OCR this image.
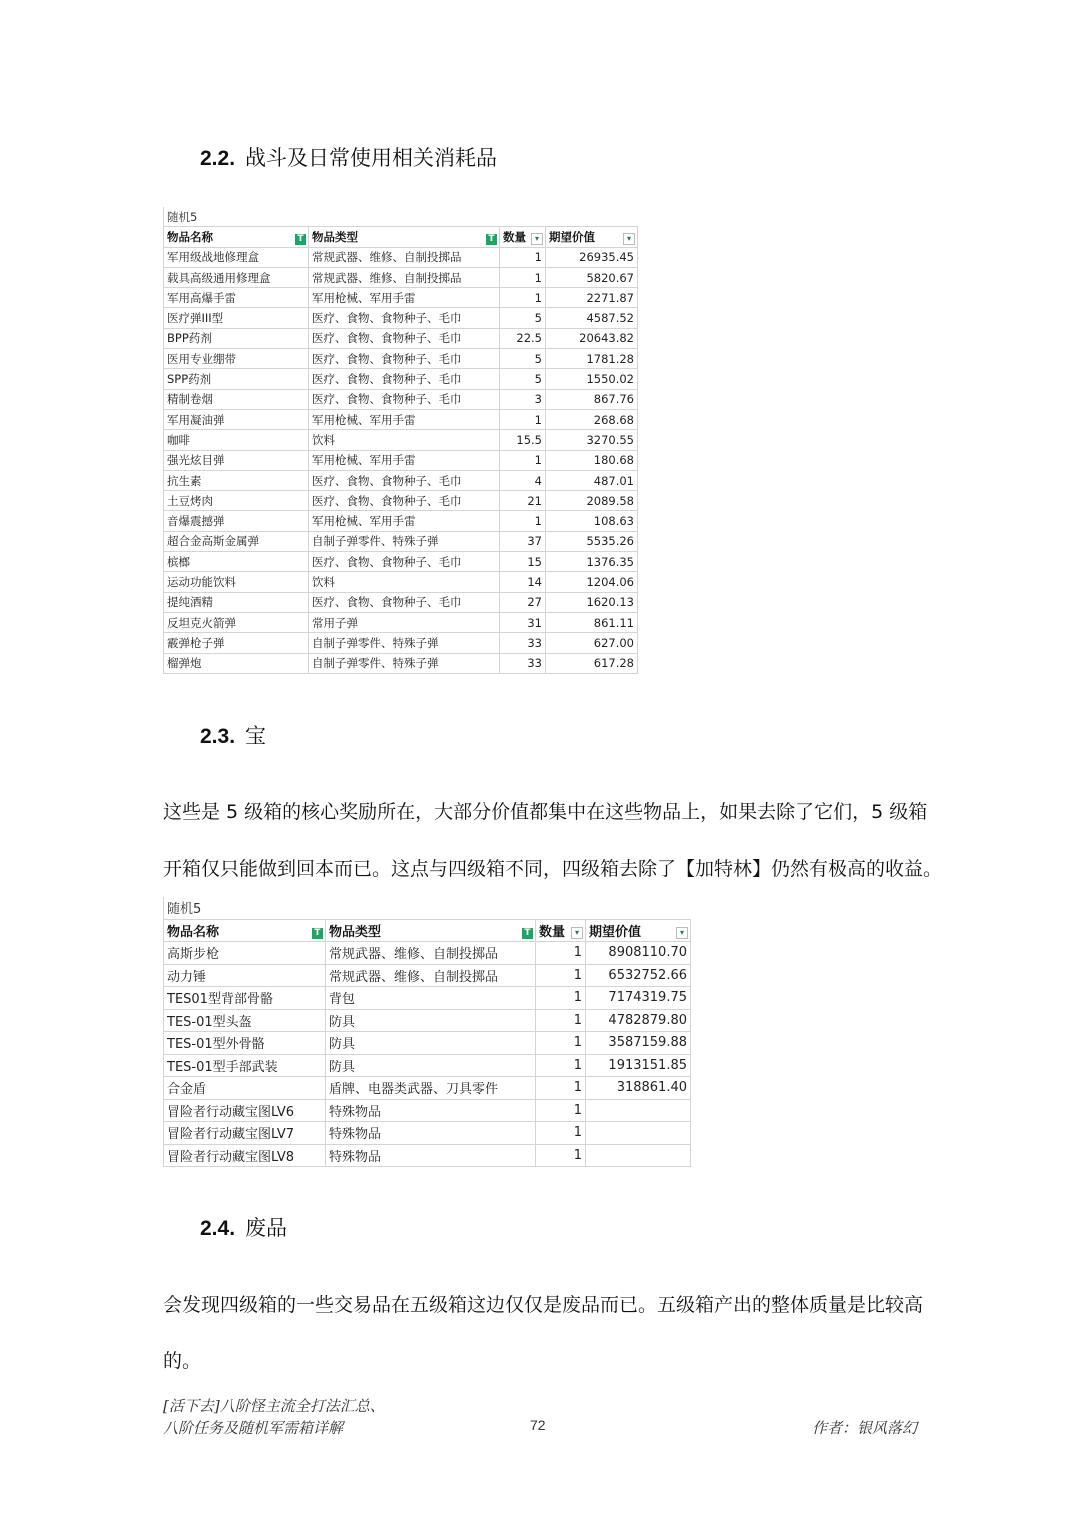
2.2. 战斗及日常使用相关消耗品
随机5			
物品名称 T	物品类型 T	数量 ▾	期望价值 ▾

军用级战地修理盒	常规武器、维修、自制投掷品	1	26935.45
载具高级通用修理盒	常规武器、维修、自制投掷品	1	5820.67
军用高爆手雷	军用枪械、军用手雷	1	2271.87
医疗弹III型	医疗、食物、食物种子、毛巾	5	4587.52
BPP药剂	医疗、食物、食物种子、毛巾	22.5	20643.82
医用专业绷带	医疗、食物、食物种子、毛巾	5	1781.28
SPP药剂	医疗、食物、食物种子、毛巾	5	1550.02
精制卷烟	医疗、食物、食物种子、毛巾	3	867.76
军用凝油弹	军用枪械、军用手雷	1	268.68
咖啡	饮料	15.5	3270.55
强光炫目弹	军用枪械、军用手雷	1	180.68
抗生素	医疗、食物、食物种子、毛巾	4	487.01
土豆烤肉	医疗、食物、食物种子、毛巾	21	2089.58
音爆震撼弹	军用枪械、军用手雷	1	108.63
超合金高斯金属弹	自制子弹零件、特殊子弹	37	5535.26
槟榔	医疗、食物、食物种子、毛巾	15	1376.35
运动功能饮料	饮料	14	1204.06
提纯酒精	医疗、食物、食物种子、毛巾	27	1620.13
反坦克火箭弹	常用子弹	31	861.11
霰弹枪子弹	自制子弹零件、特殊子弹	33	627.00
榴弹炮	自制子弹零件、特殊子弹	33	617.28
2.3. 宝
这些是 5 级箱的核心奖励所在，大部分价值都集中在这些物品上，如果去除了它们，5 级箱
开箱仅只能做到回本而已。这点与四级箱不同，四级箱去除了【加特林】仍然有极高的收益。
随机5			
物品名称 T	物品类型 T	数量 ▾	期望价值 ▾

高斯步枪	常规武器、维修、自制投掷品	1	8908110.70
动力锤	常规武器、维修、自制投掷品	1	6532752.66
TES01型背部骨骼	背包	1	7174319.75
TES-01型头盔	防具	1	4782879.80
TES-01型外骨骼	防具	1	3587159.88
TES-01型手部武装	防具	1	1913151.85
合金盾	盾牌、电器类武器、刀具零件	1	318861.40
冒险者行动藏宝图LV6	特殊物品	1	
冒险者行动藏宝图LV7	特殊物品	1	
冒险者行动藏宝图LV8	特殊物品	1	
2.4. 废品
会发现四级箱的一些交易品在五级箱这边仅仅是废品而已。五级箱产出的整体质量是比较高
的。
[活下去]八阶怪主流全打法汇总、
八阶任务及随机军需箱详解	72	作者：银风落幻
